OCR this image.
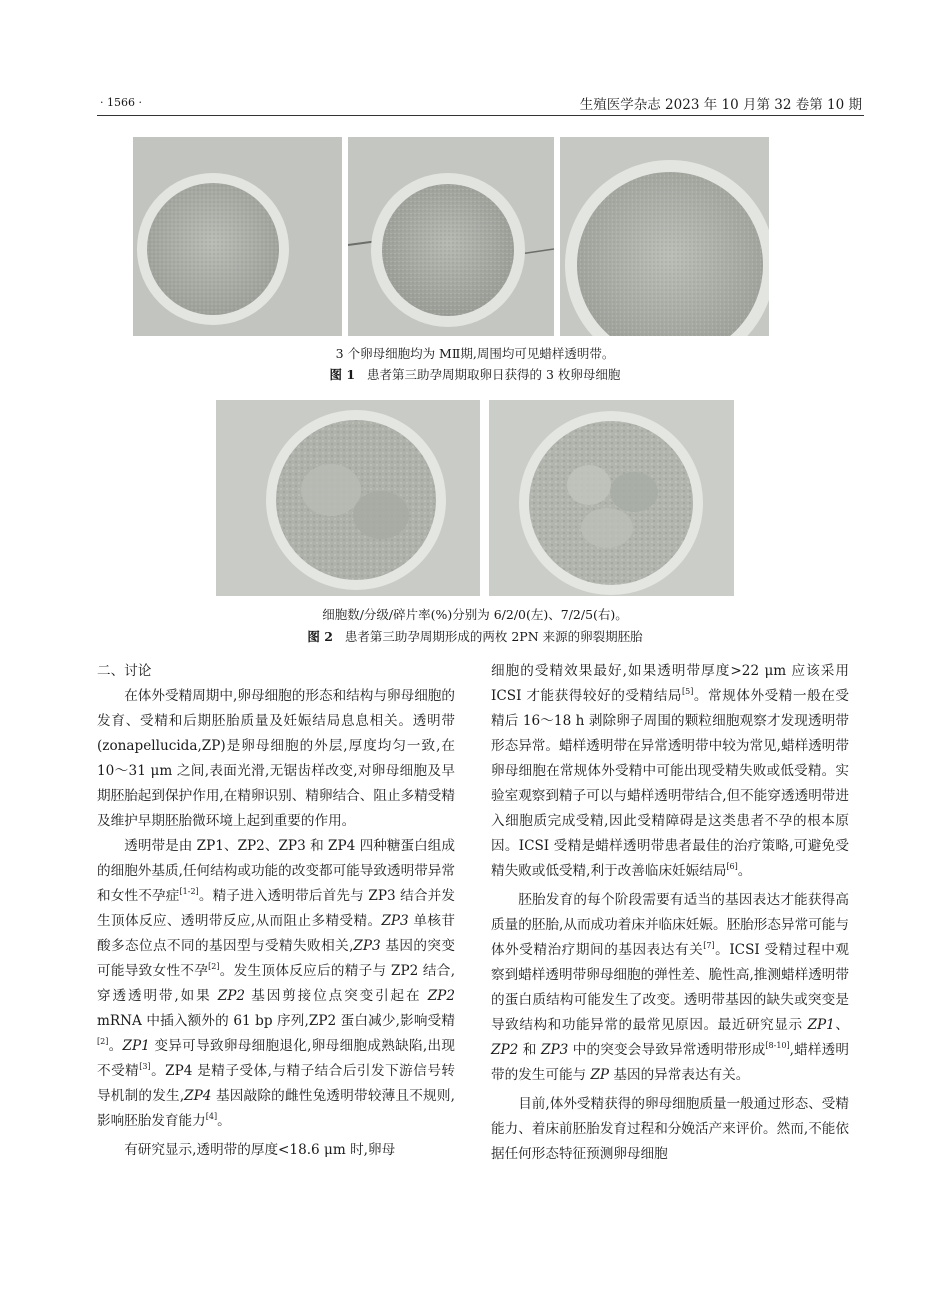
· 1566 ·	生殖医学杂志 2023 年 10 月第 32 卷第 10 期
3 个卵母细胞均为 MⅡ期,周围均可见蜡样透明带。
图 1 患者第三助孕周期取卵日获得的 3 枚卵母细胞
细胞数/分级/碎片率(%)分别为 6/2/0(左)、7/2/5(右)。
图 2 患者第三助孕周期形成的两枚 2PN 来源的卵裂期胚胎
二、讨论

在体外受精周期中,卵母细胞的形态和结构与卵母细胞的发育、受精和后期胚胎质量及妊娠结局息息相关。透明带(zonapellucida,ZP)是卵母细胞的外层,厚度均匀一致,在 10～31 μm 之间,表面光滑,无锯齿样改变,对卵母细胞及早期胚胎起到保护作用,在精卵识别、精卵结合、阻止多精受精及维护早期胚胎微环境上起到重要的作用。

透明带是由 ZP1、ZP2、ZP3 和 ZP4 四种糖蛋白组成的细胞外基质,任何结构或功能的改变都可能导致透明带异常和女性不孕症[1-2]。精子进入透明带后首先与 ZP3 结合并发生顶体反应、透明带反应,从而阻止多精受精。ZP3 单核苷酸多态位点不同的基因型与受精失败相关,ZP3 基因的突变可能导致女性不孕[2]。发生顶体反应后的精子与 ZP2 结合,穿透透明带,如果 ZP2 基因剪接位点突变引起在 ZP2 mRNA 中插入额外的 61 bp 序列,ZP2 蛋白减少,影响受精[2]。ZP1 变异可导致卵母细胞退化,卵母细胞成熟缺陷,出现不受精[3]。ZP4 是精子受体,与精子结合后引发下游信号转导机制的发生,ZP4 基因敲除的雌性兔透明带较薄且不规则,影响胚胎发育能力[4]。

有研究显示,透明带的厚度<18.6 μm 时,卵母

细胞的受精效果最好,如果透明带厚度>22 μm 应该采用 ICSI 才能获得较好的受精结局[5]。常规体外受精一般在受精后 16～18 h 剥除卵子周围的颗粒细胞观察才发现透明带形态异常。蜡样透明带在异常透明带中较为常见,蜡样透明带卵母细胞在常规体外受精中可能出现受精失败或低受精。实验室观察到精子可以与蜡样透明带结合,但不能穿透透明带进入细胞质完成受精,因此受精障碍是这类患者不孕的根本原因。ICSI 受精是蜡样透明带患者最佳的治疗策略,可避免受精失败或低受精,利于改善临床妊娠结局[6]。

胚胎发育的每个阶段需要有适当的基因表达才能获得高质量的胚胎,从而成功着床并临床妊娠。胚胎形态异常可能与体外受精治疗期间的基因表达有关[7]。ICSI 受精过程中观察到蜡样透明带卵母细胞的弹性差、脆性高,推测蜡样透明带的蛋白质结构可能发生了改变。透明带基因的缺失或突变是导致结构和功能异常的最常见原因。最近研究显示 ZP1、ZP2 和 ZP3 中的突变会导致异常透明带形成[8-10],蜡样透明带的发生可能与 ZP 基因的异常表达有关。

目前,体外受精获得的卵母细胞质量一般通过形态、受精能力、着床前胚胎发育过程和分娩活产来评价。然而,不能依据任何形态特征预测卵母细胞
